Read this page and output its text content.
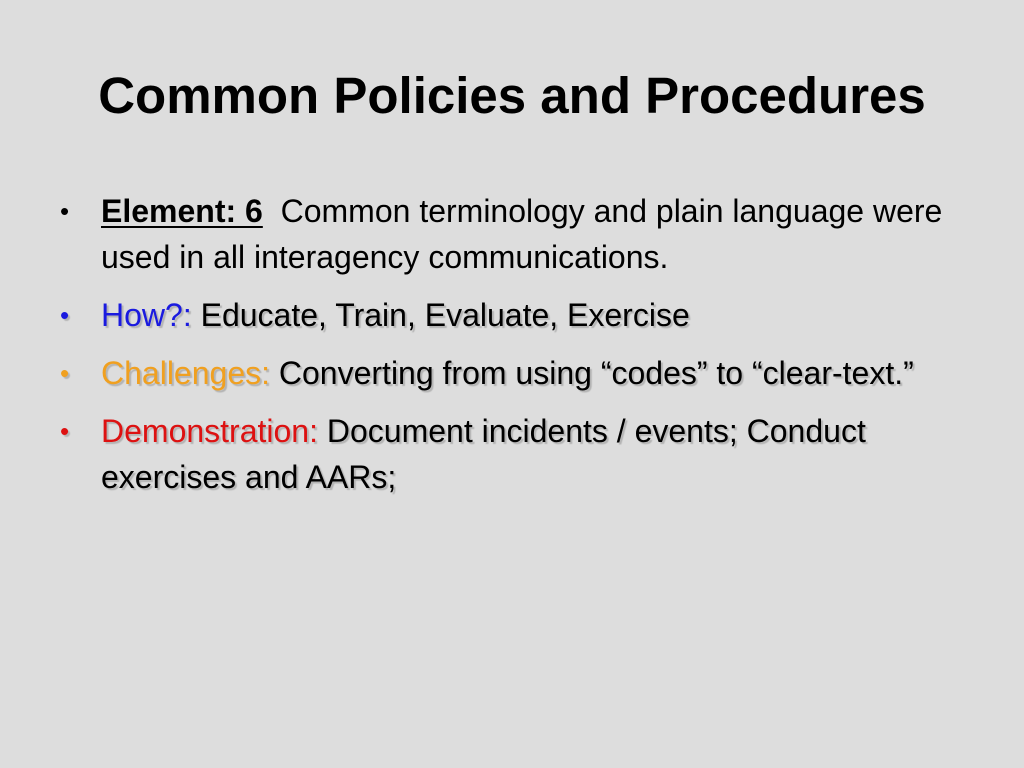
Common Policies and Procedures
• Element: 6 Common terminology and plain language were used in all interagency communications.
• How?: Educate, Train, Evaluate, Exercise
• Challenges: Converting from using “codes” to “clear-text.”
• Demonstration: Document incidents / events; Conduct exercises and AARs;
